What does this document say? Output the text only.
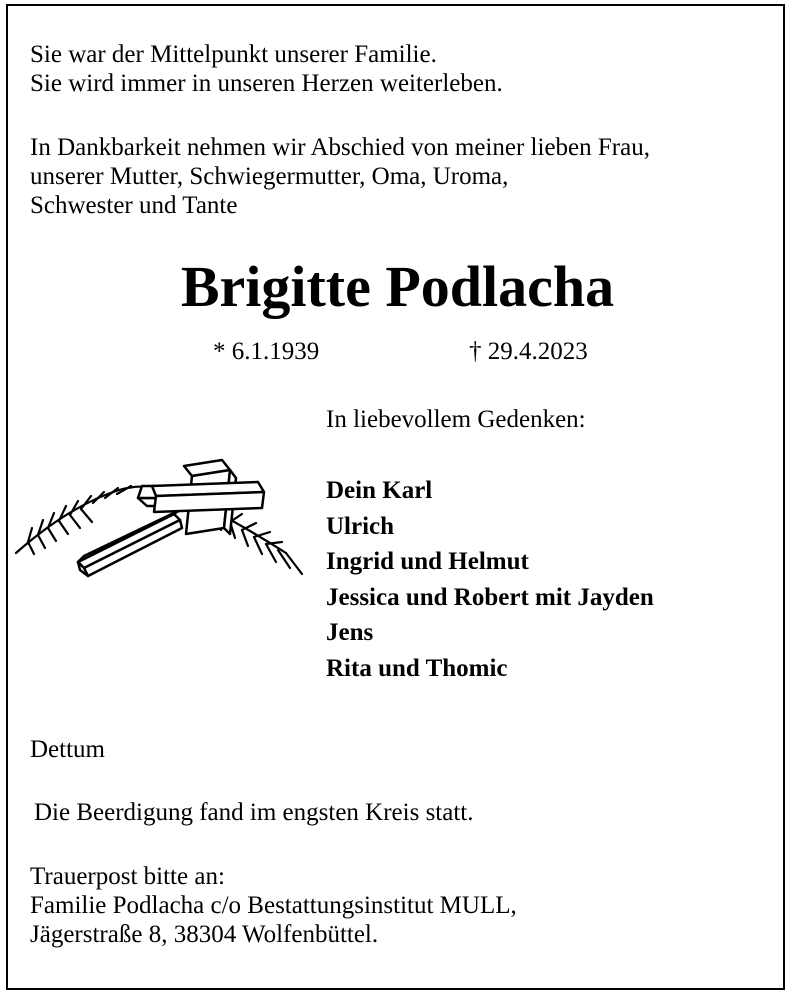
Sie war der Mittelpunkt unserer Familie.
Sie wird immer in unseren Herzen weiterleben.

In Dankbarkeit nehmen wir Abschied von meiner lieben Frau,
unserer Mutter, Schwiegermutter, Oma, Uroma,
Schwester und Tante

Brigitte Podlacha
* 6.1.1939	† 29.4.2023
In liebevollem Gedenken:
Dein Karl
Ulrich
Ingrid und Helmut
Jessica und Robert mit Jayden
Jens
Rita und Thomic
Dettum
Die Beerdigung fand im engsten Kreis statt.

Trauerpost bitte an:
Familie Podlacha c/o Bestattungsinstitut MULL,
Jägerstraße 8, 38304 Wolfenbüttel.
